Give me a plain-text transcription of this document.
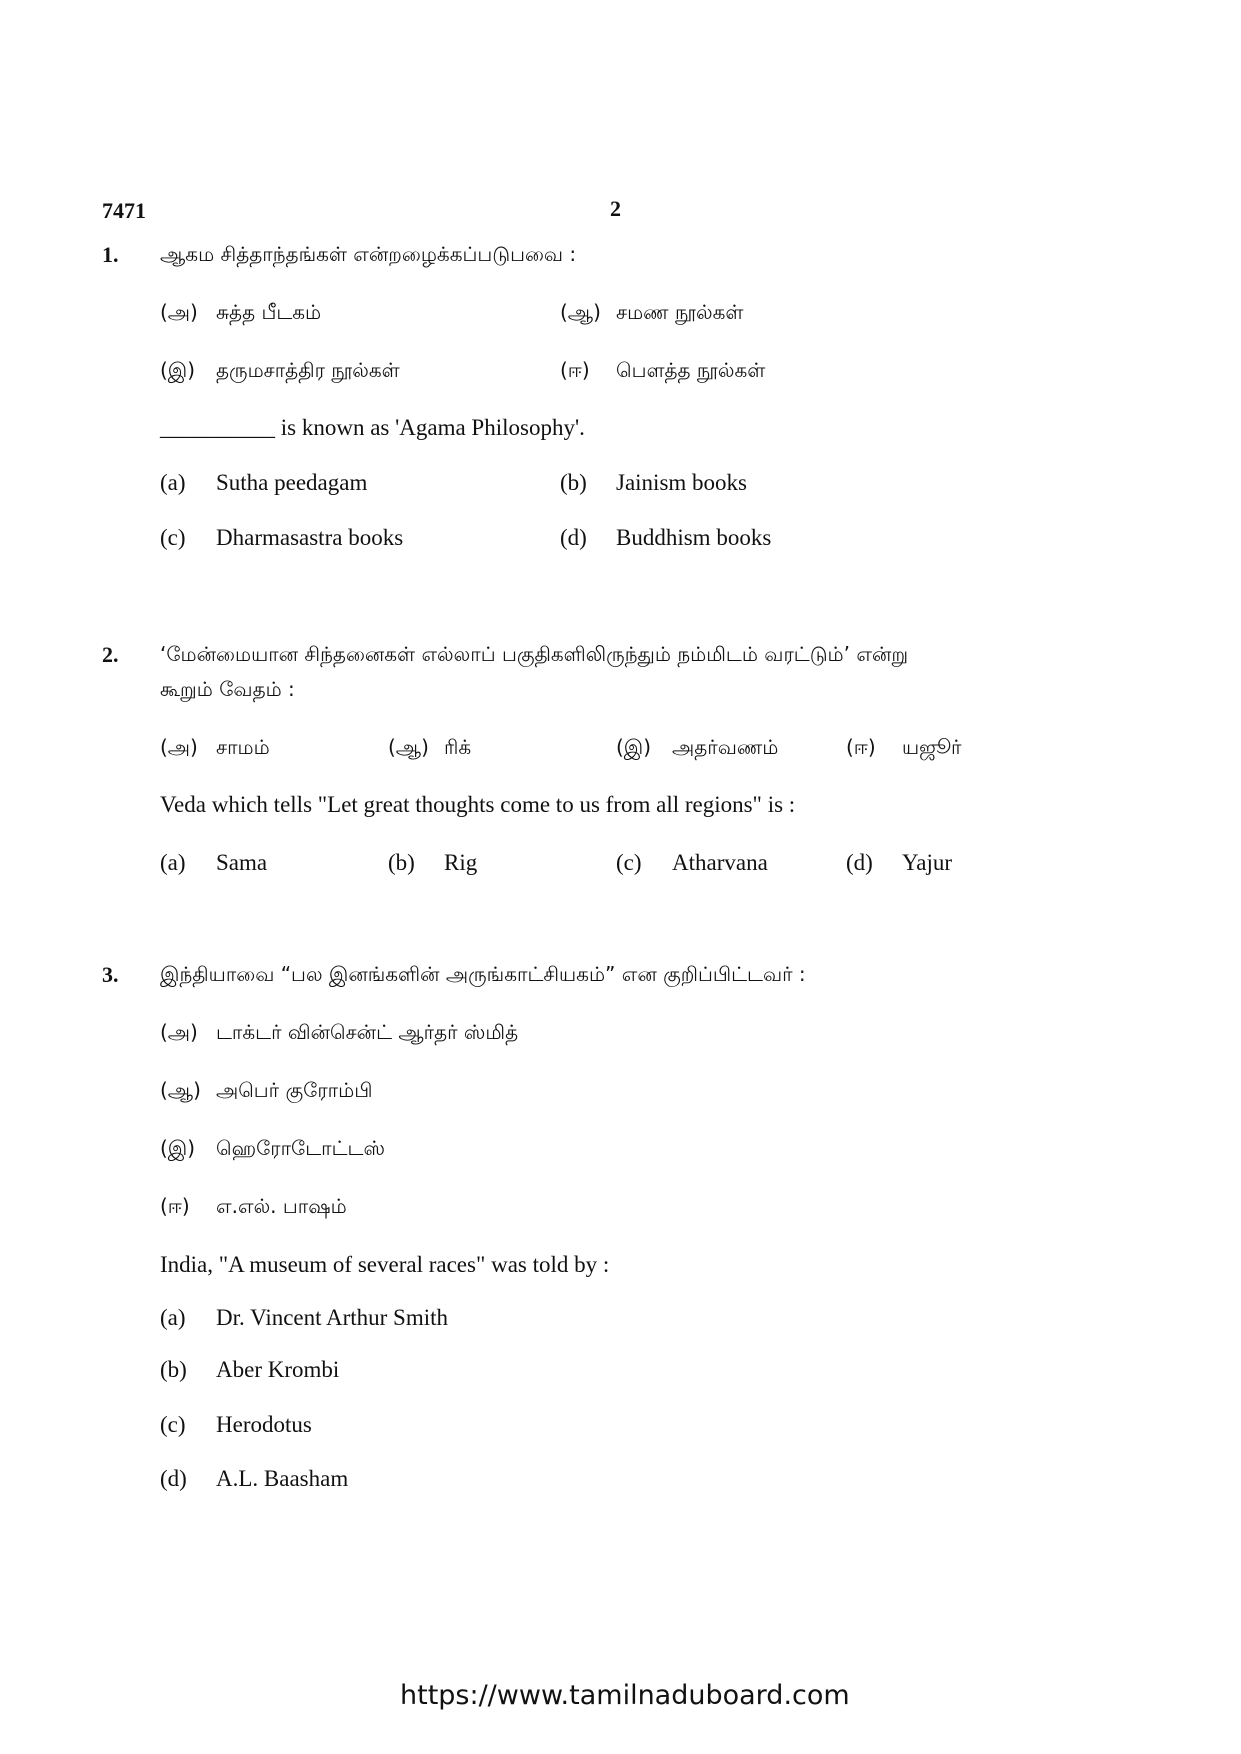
7471	2
1. ஆகம சித்தாந்தங்கள் என்றழைக்கப்படுபவை :
(அ) சுத்த பீடகம்	(ஆ) சமண நூல்கள்
(இ)	தருமசாத்திர நூல்கள்	(ஈ)	பௌத்த நூல்கள்
__________ is known as 'Agama Philosophy'.
(a)	Sutha peedagam	(b)	Jainism books
(c)	Dharmasastra books	(d)	Buddhism books
2. ‘மேன்மையான சிந்தனைகள் எல்லாப் பகுதிகளிலிருந்தும் நம்மிடம் வரட்டும்’ என்று
கூறும் வேதம் :
(அ) சாமம்	(ஆ) ரிக்	(இ)	அதர்வணம்	(ஈ)	யஜூர்
Veda which tells "Let great thoughts come to us from all regions" is :
(a)	Sama	(b)	Rig	(c)	Atharvana	(d)	Yajur
3. இந்தியாவை “பல இனங்களின் அருங்காட்சியகம்” என குறிப்பிட்டவர் :
(அ) டாக்டர் வின்சென்ட் ஆர்தர் ஸ்மித்
(ஆ) அபெர் குரோம்பி
(இ)	ஹெரோடோட்டஸ்
(ஈ)	எ.எல். பாஷம்
India, "A museum of several races" was told by :
(a)	Dr. Vincent Arthur Smith
(b)	Aber Krombi
(c)	Herodotus
(d)	A.L. Baasham
https://www.tamilnaduboard.com
